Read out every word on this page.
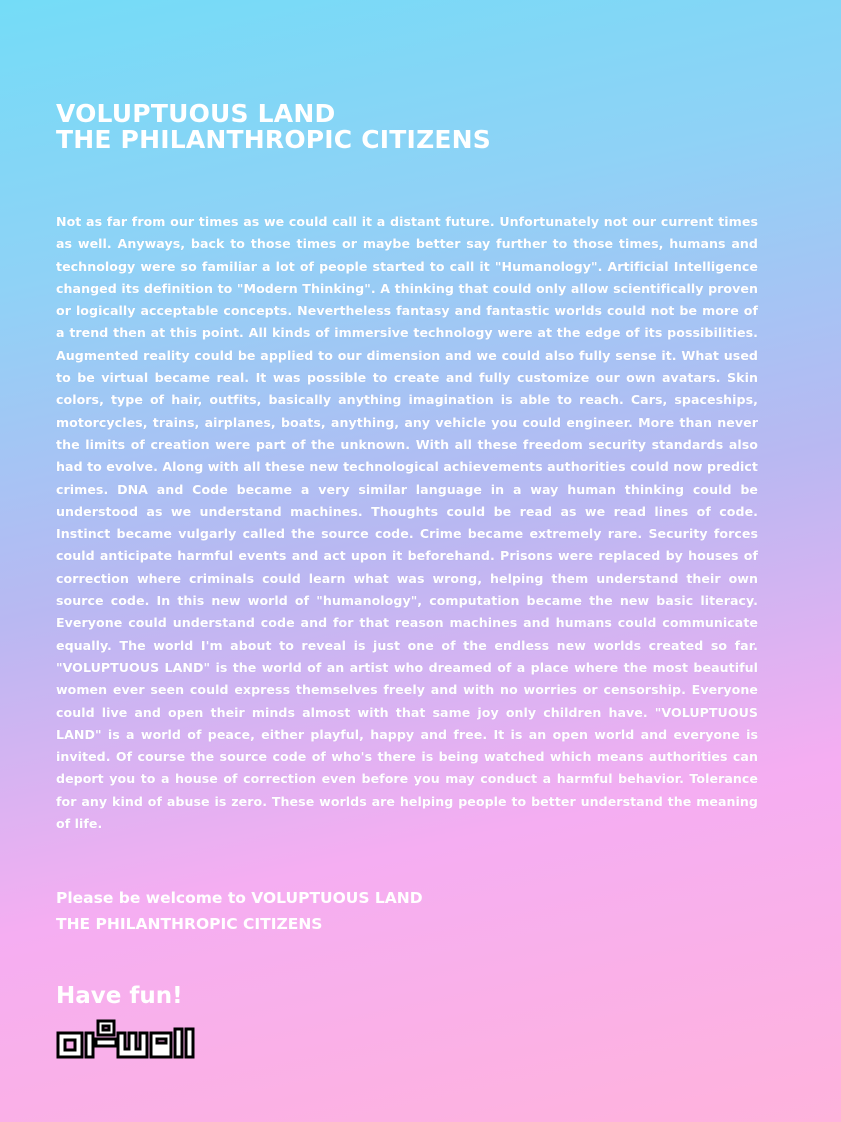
VOLUPTUOUS LAND
THE PHILANTHROPIC CITIZENS

Not as far from our times as we could call it a distant future. Unfortunately not our current times as well. Anyways, back to those times or maybe better say further to those times, humans and technology were so familiar a lot of people started to call it "Humanology". Artificial Intelligence changed its definition to "Modern Thinking". A thinking that could only allow scientifically proven or logically acceptable concepts. Nevertheless fantasy and fantastic worlds could not be more of a trend then at this point. All kinds of immersive technology were at the edge of its possibilities. Augmented reality could be applied to our dimension and we could also fully sense it. What used to be virtual became real. It was possible to create and fully customize our own avatars. Skin colors, type of hair, outfits, basically anything imagination is able to reach. Cars, spaceships, motorcycles, trains, airplanes, boats, anything, any vehicle you could engineer. More than never the limits of creation were part of the unknown. With all these freedom security standards also had to evolve. Along with all these new technological achievements authorities could now predict crimes. DNA and Code became a very similar language in a way human thinking could be understood as we understand machines. Thoughts could be read as we read lines of code. Instinct became vulgarly called the source code. Crime became extremely rare. Security forces could anticipate harmful events and act upon it beforehand. Prisons were replaced by houses of correction where criminals could learn what was wrong, helping them understand their own source code. In this new world of "humanology", computation became the new basic literacy. Everyone could understand code and for that reason machines and humans could communicate equally. The world I'm about to reveal is just one of the endless new worlds created so far. "VOLUPTUOUS LAND" is the world of an artist who dreamed of a place where the most beautiful women ever seen could express themselves freely and with no worries or censorship. Everyone could live and open their minds almost with that same joy only children have. "VOLUPTUOUS LAND" is a world of peace, either playful, happy and free. It is an open world and everyone is invited. Of course the source code of who's there is being watched which means authorities can deport you to a house of correction even before you may conduct a harmful behavior. Tolerance for any kind of abuse is zero. These worlds are helping people to better understand the meaning of life.

Please be welcome to VOLUPTUOUS LAND
THE PHILANTHROPIC CITIZENS
Have fun!
